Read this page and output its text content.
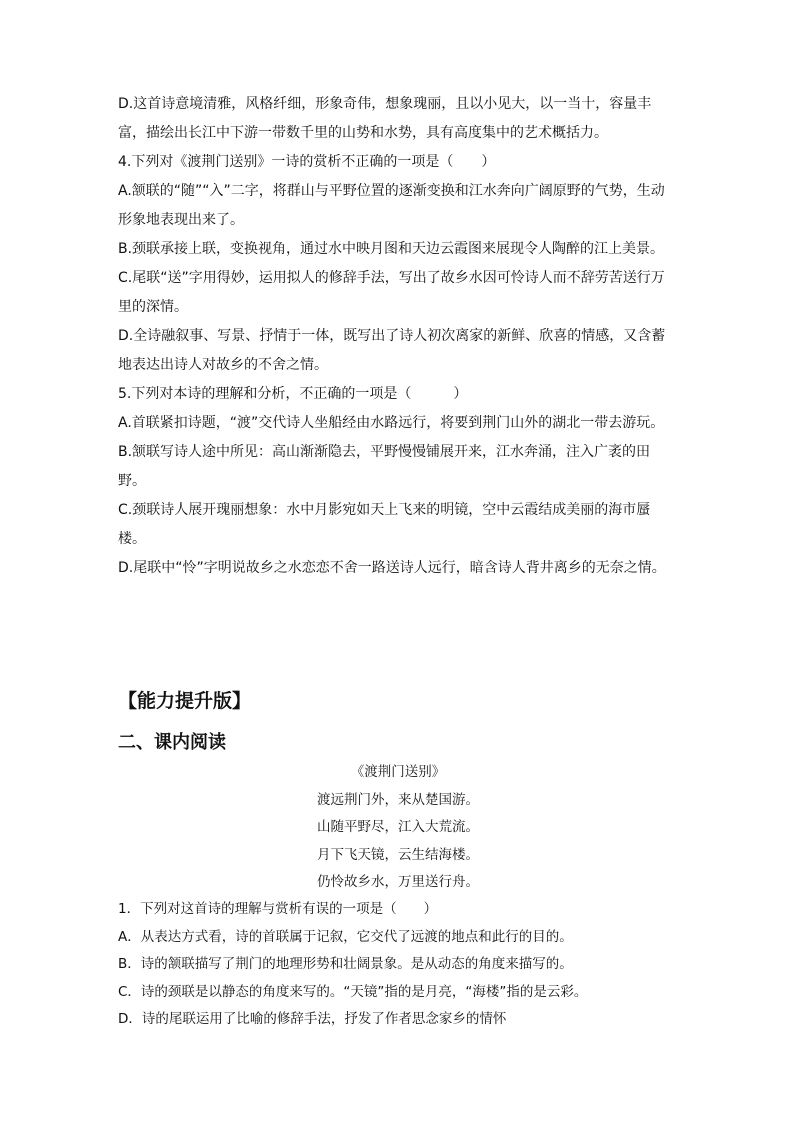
D.这首诗意境清雅，风格纤细，形象奇伟，想象瑰丽，且以小见大，以一当十，容量丰富，描绘出长江中下游一带数千里的山势和水势，具有高度集中的艺术概括力。

4.下列对《渡荆门送别》一诗的赏析不正确的一项是（　　）

A.颔联的“随”“入”二字，将群山与平野位置的逐渐变换和江水奔向广阔原野的气势，生动形象地表现出来了。

B.颈联承接上联，变换视角，通过水中映月图和天边云霞图来展现令人陶醉的江上美景。

C.尾联“送”字用得妙，运用拟人的修辞手法，写出了故乡水因可怜诗人而不辞劳苦送行万里的深情。

D.全诗融叙事、写景、抒情于一体，既写出了诗人初次离家的新鲜、欣喜的情感，又含蓄地表达出诗人对故乡的不舍之情。

5.下列对本诗的理解和分析，不正确的一项是（　　　）

A.首联紧扣诗题，“渡”交代诗人坐船经由水路远行，将要到荆门山外的湖北一带去游玩。

B.颔联写诗人途中所见：高山渐渐隐去，平野慢慢铺展开来，江水奔涌，注入广袤的田野。

C.颈联诗人展开瑰丽想象：水中月影宛如天上飞来的明镜，空中云霞结成美丽的海市蜃楼。

D.尾联中“怜”字明说故乡之水恋恋不舍一路送诗人远行，暗含诗人背井离乡的无奈之情。

【能力提升版】

二、课内阅读

《渡荆门送别》

渡远荆门外，来从楚国游。

山随平野尽，江入大荒流。

月下飞天镜，云生结海楼。

仍怜故乡水，万里送行舟。

1．下列对这首诗的理解与赏析有误的一项是（　　）

A．从表达方式看，诗的首联属于记叙，它交代了远渡的地点和此行的目的。

B．诗的颔联描写了荆门的地理形势和壮阔景象。是从动态的角度来描写的。

C．诗的颈联是以静态的角度来写的。“天镜”指的是月亮，“海楼”指的是云彩。

D．诗的尾联运用了比喻的修辞手法，抒发了作者思念家乡的情怀
